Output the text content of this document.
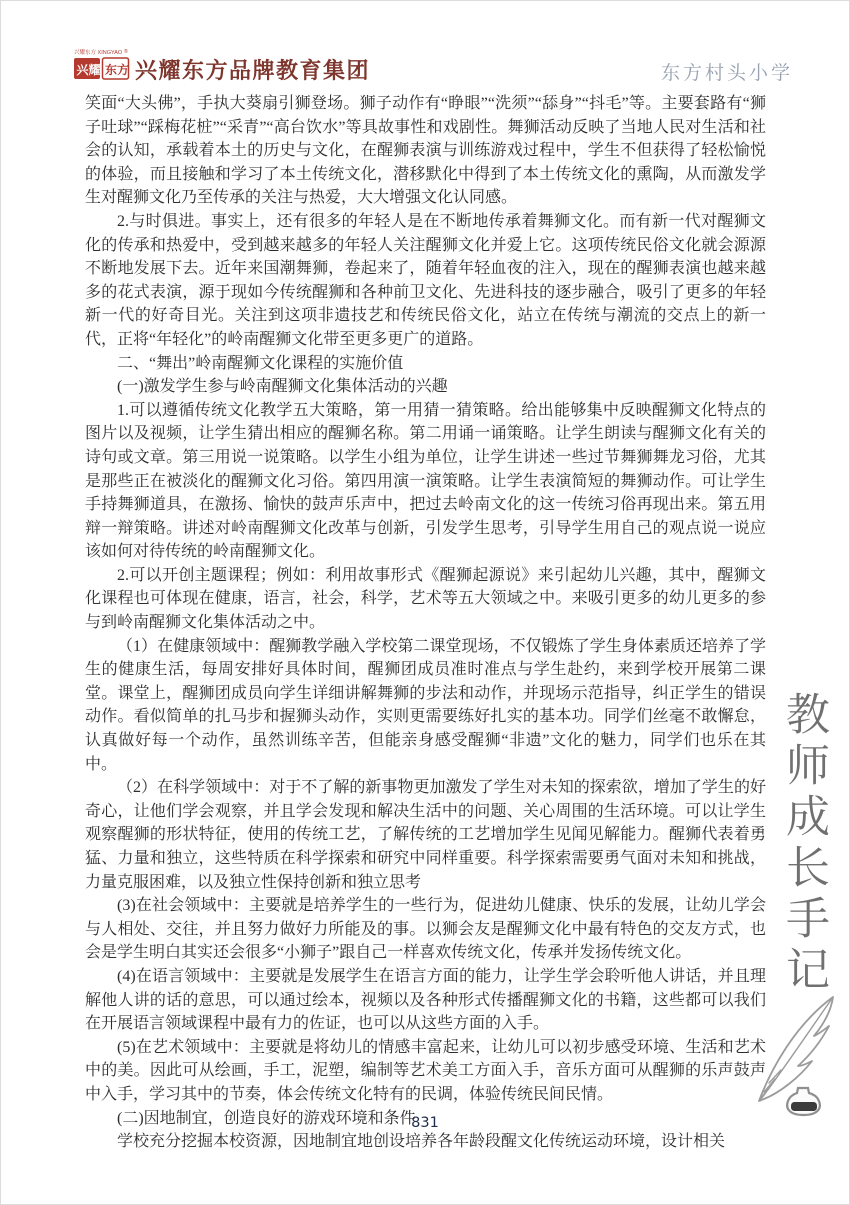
兴耀东方 XINGYAO ®
兴耀 东方 兴耀东方品牌教育集团	东方村头小学

笑面“大头佛”，手执大葵扇引狮登场。狮子动作有“睁眼”“洗须”“舔身”“抖毛”等。主要套路有“狮子吐球”“踩梅花桩”“采青”“高台饮水”等具故事性和戏剧性。舞狮活动反映了当地人民对生活和社会的认知，承载着本土的历史与文化，在醒狮表演与训练游戏过程中，学生不但获得了轻松愉悦的体验，而且接触和学习了本土传统文化，潜移默化中得到了本土传统文化的熏陶，从而激发学生对醒狮文化乃至传承的关注与热爱，大大增强文化认同感。

2.与时俱进。事实上，还有很多的年轻人是在不断地传承着舞狮文化。而有新一代对醒狮文化的传承和热爱中，受到越来越多的年轻人关注醒狮文化并爱上它。这项传统民俗文化就会源源不断地发展下去。近年来国潮舞狮，卷起来了，随着年轻血夜的注入，现在的醒狮表演也越来越多的花式表演，源于现如今传统醒狮和各种前卫文化、先进科技的逐步融合，吸引了更多的年轻新一代的好奇目光。关注到这项非遗技艺和传统民俗文化，站立在传统与潮流的交点上的新一代，正将“年轻化”的岭南醒狮文化带至更多更广的道路。

二、“舞出”岭南醒狮文化课程的实施价值

(一)激发学生参与岭南醒狮文化集体活动的兴趣

1.可以遵循传统文化教学五大策略，第一用猜一猜策略。给出能够集中反映醒狮文化特点的图片以及视频，让学生猜出相应的醒狮名称。第二用诵一诵策略。让学生朗读与醒狮文化有关的诗句或文章。第三用说一说策略。以学生小组为单位，让学生讲述一些过节舞狮舞龙习俗，尤其是那些正在被淡化的醒狮文化习俗。第四用演一演策略。让学生表演简短的舞狮动作。可让学生手持舞狮道具，在激扬、愉快的鼓声乐声中，把过去岭南文化的这一传统习俗再现出来。第五用辩一辩策略。讲述对岭南醒狮文化改革与创新，引发学生思考，引导学生用自己的观点说一说应该如何对待传统的岭南醒狮文化。

2.可以开创主题课程；例如：利用故事形式《醒狮起源说》来引起幼儿兴趣，其中，醒狮文化课程也可体现在健康，语言，社会，科学，艺术等五大领域之中。来吸引更多的幼儿更多的参与到岭南醒狮文化集体活动之中。

（1）在健康领域中：醒狮教学融入学校第二课堂现场，不仅锻炼了学生身体素质还培养了学生的健康生活，每周安排好具体时间，醒狮团成员准时准点与学生赴约，来到学校开展第二课堂。课堂上，醒狮团成员向学生详细讲解舞狮的步法和动作，并现场示范指导，纠正学生的错误动作。看似简单的扎马步和握狮头动作，实则更需要练好扎实的基本功。同学们丝毫不敢懈怠，认真做好每一个动作，虽然训练辛苦，但能亲身感受醒狮“非遗”文化的魅力，同学们也乐在其中。

（2）在科学领域中：对于不了解的新事物更加激发了学生对未知的探索欲，增加了学生的好奇心，让他们学会观察，并且学会发现和解决生活中的问题、关心周围的生活环境。可以让学生观察醒狮的形状特征，使用的传统工艺，了解传统的工艺增加学生见闻见解能力。醒狮代表着勇猛、力量和独立，这些特质在科学探索和研究中同样重要。科学探索需要勇气面对未知和挑战，力量克服困难，以及独立性保持创新和独立思考

(3)在社会领域中：主要就是培养学生的一些行为，促进幼儿健康、快乐的发展，让幼儿学会与人相处、交往，并且努力做好力所能及的事。以狮会友是醒狮文化中最有特色的交友方式，也会是学生明白其实还会很多“小狮子”跟自己一样喜欢传统文化，传承并发扬传统文化。

(4)在语言领域中：主要就是发展学生在语言方面的能力，让学生学会聆听他人讲话，并且理解他人讲的话的意思，可以通过绘本，视频以及各种形式传播醒狮文化的书籍，这些都可以我们在开展语言领域课程中最有力的佐证，也可以从这些方面的入手。

(5)在艺术领域中：主要就是将幼儿的情感丰富起来，让幼儿可以初步感受环境、生活和艺术中的美。因此可从绘画，手工，泥塑，编制等艺术美工方面入手，音乐方面可从醒狮的乐声鼓声中入手，学习其中的节奏，体会传统文化特有的民调，体验传统民间民情。

(二)因地制宜，创造良好的游戏环境和条件

学校充分挖掘本校资源，因地制宜地创设培养各年龄段醒文化传统运动环境，设计相关

教师成长手记
831
